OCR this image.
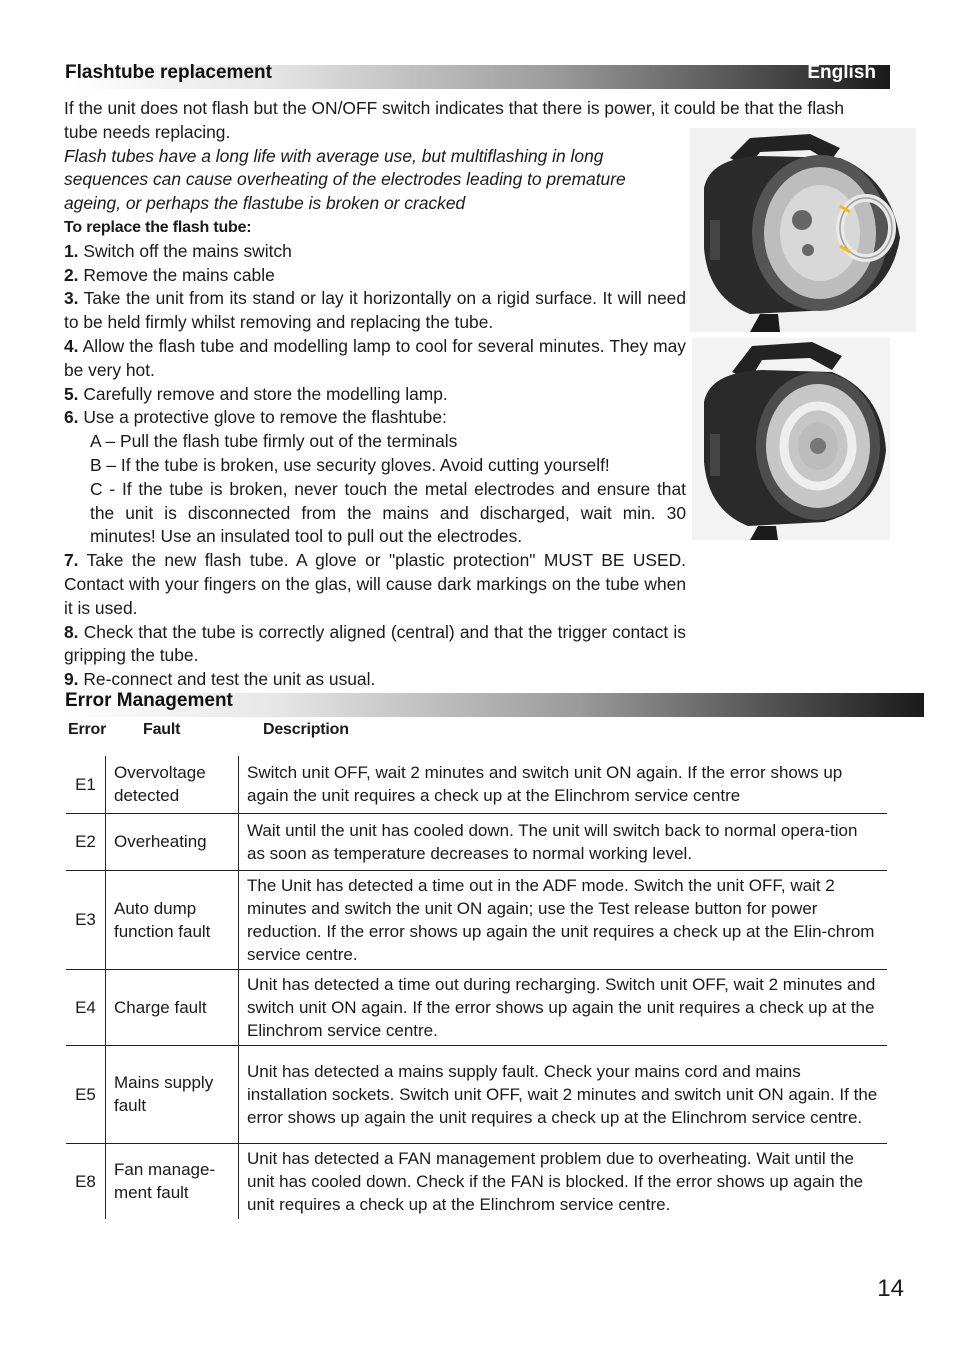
Flashtube replacement	English

If the unit does not flash but the ON/OFF switch indicates that there is power, it could be that the flash tube needs replacing.

Flash tubes have a long life with average use, but multiflashing in long sequences can cause overheating of the electrodes leading to premature ageing, or perhaps the flastube is broken or cracked

To replace the flash tube:

1. Switch off the mains switch

2. Remove the mains cable

3. Take the unit from its stand or lay it horizontally on a rigid surface. It will need to be held firmly whilst removing and replacing the tube.

4. Allow the flash tube and modelling lamp to cool for several minutes. They may be very hot.

5. Carefully remove and store the modelling lamp.

6. Use a protective glove to remove the flashtube:

A – Pull the flash tube firmly out of the terminals

B – If the tube is broken, use security gloves. Avoid cutting yourself!

C - If the tube is broken, never touch the metal electrodes and ensure that the unit is disconnected from the mains and discharged, wait min. 30 minutes! Use an insulated tool to pull out the electrodes.

7. Take the new flash tube. A glove or "plastic protection" MUST BE USED. Contact with your fingers on the glas, will cause dark markings on the tube when it is used.

8. Check that the tube is correctly aligned (central) and that the trigger contact is gripping the tube.

9. Re-connect and test the unit as usual.

Error Management
Error Fault	Description
E1	Overvoltage detected	Switch unit OFF, wait 2 minutes and switch unit ON again. If the error shows up again the unit requires a check up at the Elinchrom service centre
E2	Overheating	Wait until the unit has cooled down. The unit will switch back to normal opera-tion as soon as temperature decreases to normal working level.
E3	Auto dump function fault	The Unit has detected a time out in the ADF mode. Switch the unit OFF, wait 2 minutes and switch the unit ON again; use the Test release button for power reduction. If the error shows up again the unit requires a check up at the Elin-chrom service centre.
E4	Charge fault	Unit has detected a time out during recharging. Switch unit OFF, wait 2 minutes and switch unit ON again. If the error shows up again the unit requires a check up at the Elinchrom service centre.
E5	Mains supply fault	Unit has detected a mains supply fault. Check your mains cord and mains installation sockets. Switch unit OFF, wait 2 minutes and switch unit ON again. If the error shows up again the unit requires a check up at the Elinchrom service centre.
E8	Fan manage-ment fault	Unit has detected a FAN management problem due to overheating. Wait until the unit has cooled down. Check if the FAN is blocked. If the error shows up again the unit requires a check up at the Elinchrom service centre.
14
